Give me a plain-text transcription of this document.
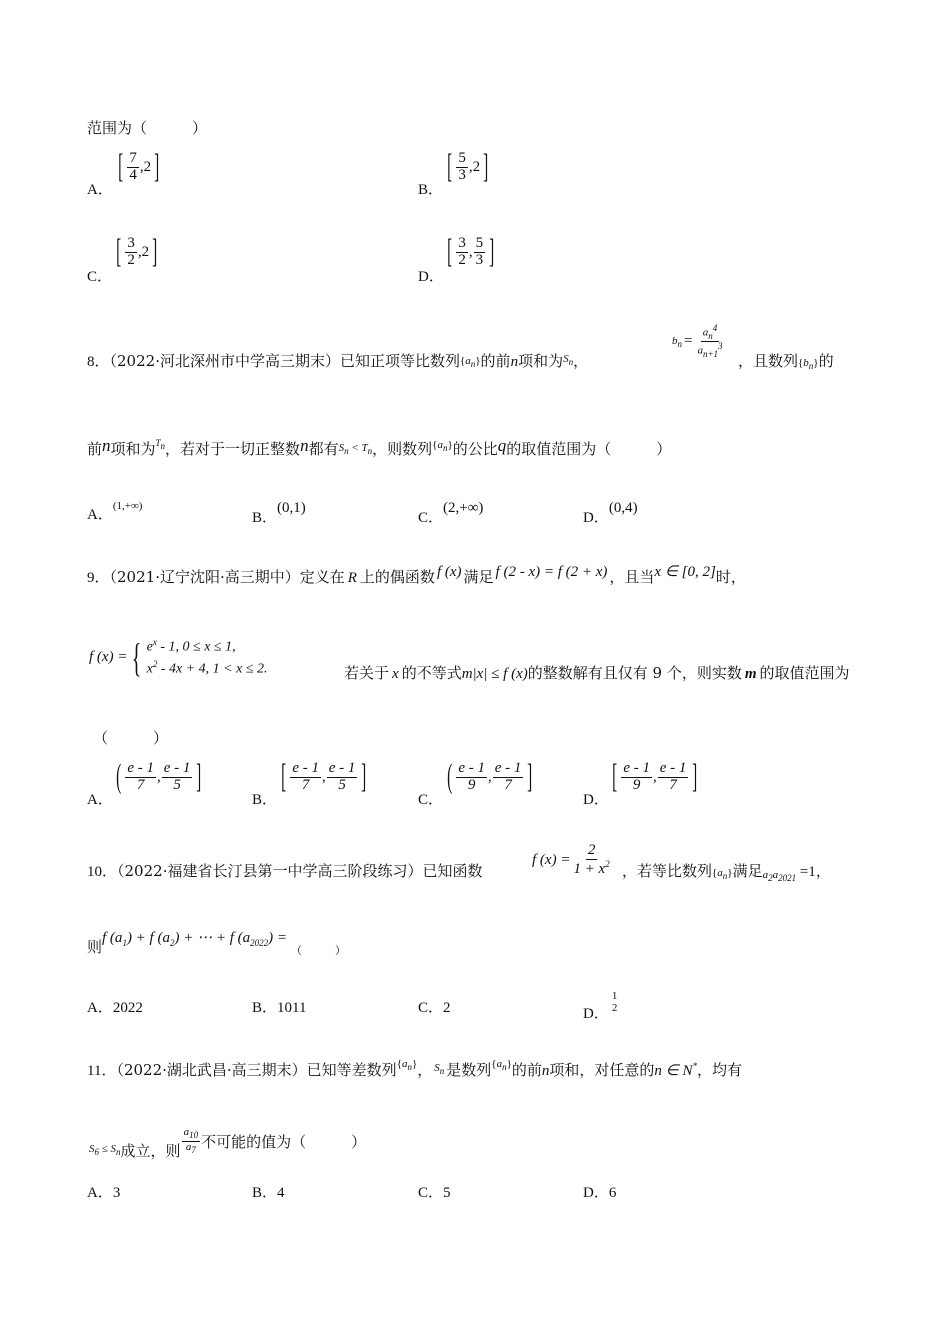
范围为（　　　）
A．
[ $\frac{7}{4} ,2$ ]
B．
[ $\frac{5}{3} ,2$ ]
C．
[ $\frac{3}{2} ,2$ ]
D．
[ $\frac{3}{2}$ , $\frac{5}{3}$ ]
8．（2022·河北深州市中学高三期末）已知正项等比数列$\{a_n\}$的前n项和为$^{S_n}$，
$b_n = \frac{a_n^4}{a_{n+1}^3}$
，且数列$\{b_n\}$的
前n项和为$^{T_n}$，若对于一切正整数n都有$^{S_n < T_n}$，则数列$^{\{a_n\}}$的公比q的取值范围为（　　　）
A．$^{(1,+\infty)}$
B．(0,1)
C．(2,+∞)
D．(0,4)
9．（2021·辽宁沈阳·高三期中）定义在 R 上的偶函数 f (x) 满足 f (2 - x) = f (2 + x) ，且当x ∈ [0, 2]时，
f (x) = { $e^x - 1$, 0 ≤ x ≤ 1,
$x^2 - 4x + 4$, 1 < x ≤ 2.	若关于 x 的不等式m|x| ≤ f (x)的整数解有且仅有 9 个，则实数 m 的取值范围为
（　　　）
A．
( $\frac{e - 1}{7}$ , $\frac{e - 1}{5}$ ]
B．
[ $\frac{e - 1}{7}$ , $\frac{e - 1}{5}$ ]
C．
( $\frac{e - 1}{9}$ , $\frac{e - 1}{7}$ ]
D．
[ $\frac{e - 1}{9}$ , $\frac{e - 1}{7}$ ]
10．（2022·福建省长汀县第一中学高三阶段练习）已知函数
f $(x) = \frac{2}{1 + x^2}$ ，若等比数列$\{a_n\}$满足$a_2a_{2021} =1$，
则f $(a_1) + f$ $(a_2)$ + ⋯ + f $(a_{2022}) =_{( )}$
A．2022	B．1011	C．2	D．
1
2
11．（2022·湖北武昌·高三期末）已知等差数列$^{\{a_n\}}$， $^{S_n}$ 是数列$^{\{a_n\}}$的前n项和，对任意的n ∈ N*，均有
$S_6 \le S_n$ 成立，则 $\frac{a_{10}}{a_7}$ 不可能的值为（　　　）
A．3	B．4	C．5	D．6
